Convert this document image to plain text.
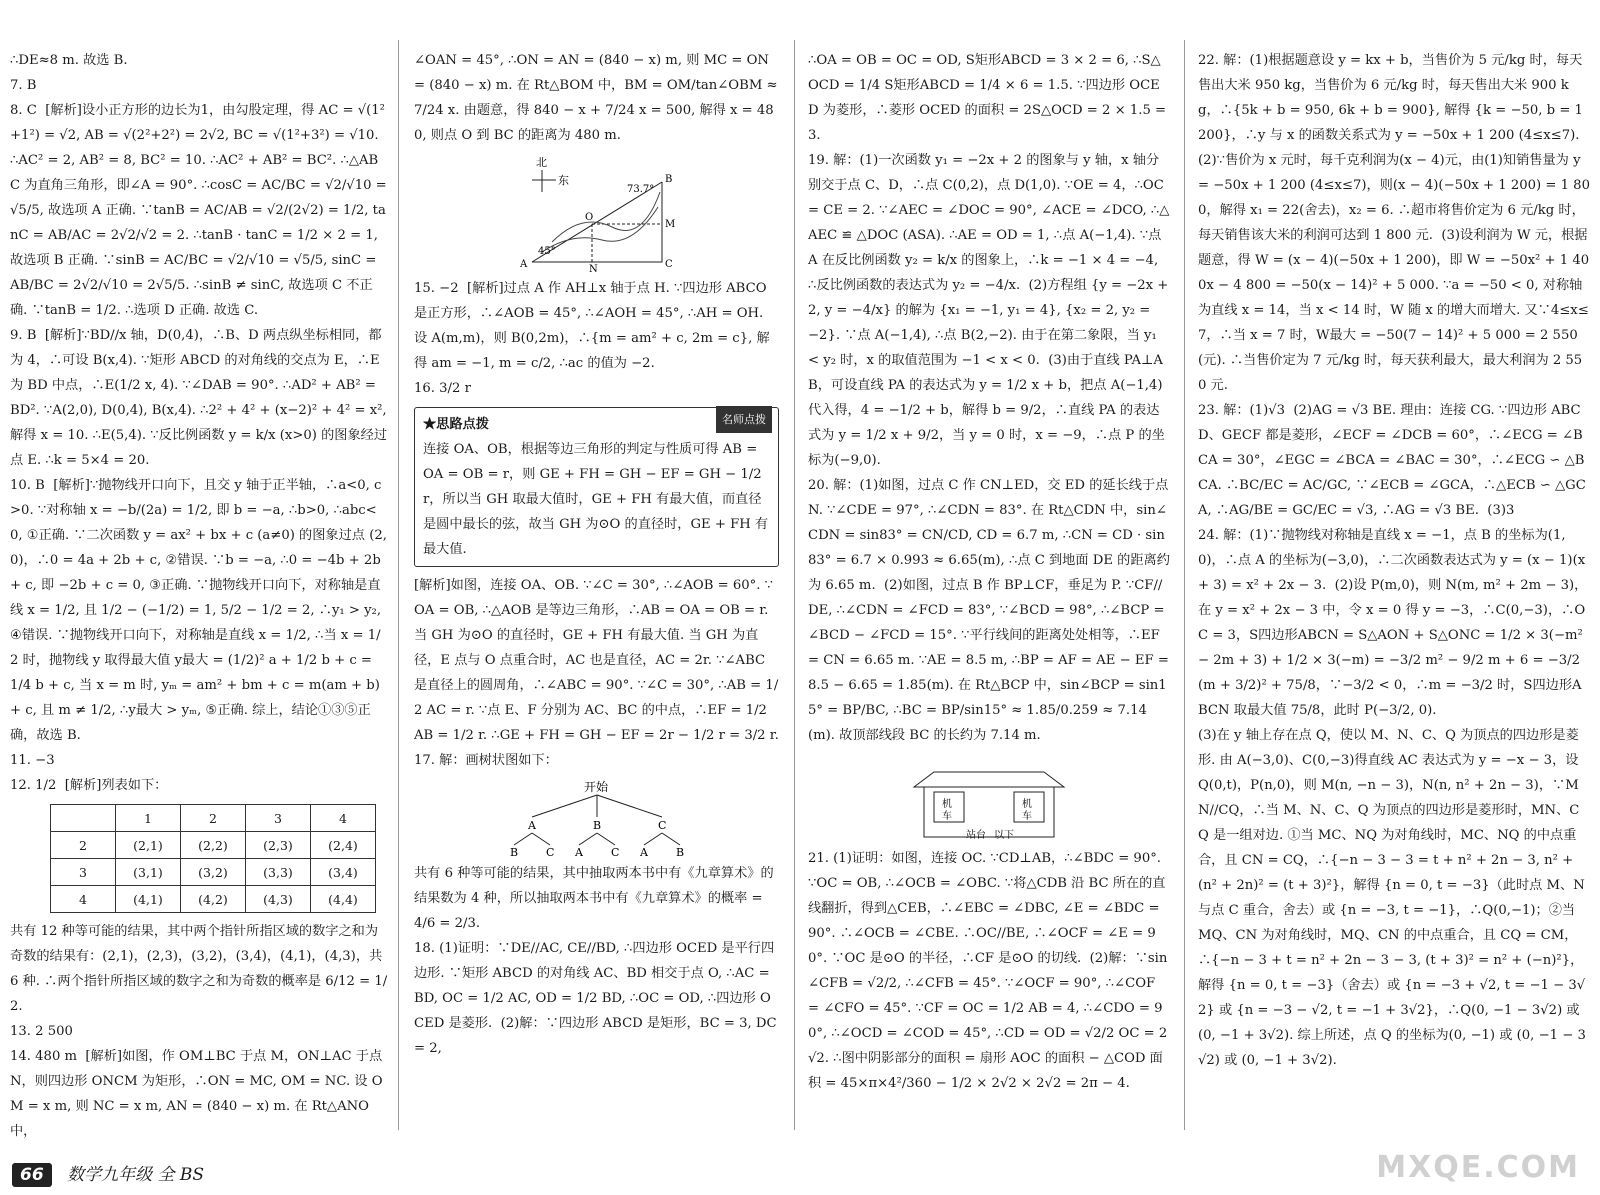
∴DE≈8 m. 故选 B.

7. B

8. C  [解析]设小正方形的边长为1，由勾股定理，得 AC = √(1²+1²) = √2, AB = √(2²+2²) = 2√2, BC = √(1²+3²) = √10. ∴AC² = 2, AB² = 8, BC² = 10. ∴AC² + AB² = BC². ∴△ABC 为直角三角形，即∠A = 90°. ∴cosC = AC/BC = √2/√10 = √5/5, 故选项 A 正确. ∵tanB = AC/AB = √2/(2√2) = 1/2, tanC = AB/AC = 2√2/√2 = 2. ∴tanB · tanC = 1/2 × 2 = 1, 故选项 B 正确. ∵sinB = AC/BC = √2/√10 = √5/5, sinC = AB/BC = 2√2/√10 = 2√5/5. ∴sinB ≠ sinC, 故选项 C 不正确. ∵tanB = 1/2. ∴选项 D 正确. 故选 C.

9. B  [解析]∵BD//x 轴，D(0,4)，∴B、D 两点纵坐标相同，都为 4，∴可设 B(x,4). ∵矩形 ABCD 的对角线的交点为 E，∴E 为 BD 中点，∴E(1/2 x, 4). ∵∠DAB = 90°. ∴AD² + AB² = BD². ∵A(2,0), D(0,4), B(x,4). ∴2² + 4² + (x−2)² + 4² = x², 解得 x = 10. ∴E(5,4). ∵反比例函数 y = k/x (x>0) 的图象经过点 E. ∴k = 5×4 = 20.

10. B  [解析]∵抛物线开口向下，且交 y 轴于正半轴，∴a<0, c>0. ∵对称轴 x = −b/(2a) = 1/2, 即 b = −a, ∴b>0, ∴abc<0, ①正确. ∵二次函数 y = ax² + bx + c (a≠0) 的图象过点 (2,0)，∴0 = 4a + 2b + c, ②错误. ∵b = −a, ∴0 = −4b + 2b + c, 即 −2b + c = 0, ③正确. ∵抛物线开口向下，对称轴是直线 x = 1/2, 且 1/2 − (−1/2) = 1, 5/2 − 1/2 = 2, ∴y₁ > y₂, ④错误. ∵抛物线开口向下，对称轴是直线 x = 1/2, ∴当 x = 1/2 时，抛物线 y 取得最大值 y最大 = (1/2)² a + 1/2 b + c = 1/4 b + c, 当 x = m 时, yₘ = am² + bm + c = m(am + b) + c, 且 m ≠ 1/2, ∴y最大 > yₘ, ⑤正确. 综上，结论①③⑤正确，故选 B.

11. −3

12. 1/2  [解析]列表如下：

	1	2	3	4
2	(2,1)	(2,2)	(2,3)	(2,4)
3	(3,1)	(3,2)	(3,3)	(3,4)
4	(4,1)	(4,2)	(4,3)	(4,4)

共有 12 种等可能的结果，其中两个指针所指区域的数字之和为奇数的结果有：(2,1)，(2,3)，(3,2)，(3,4)，(4,1)，(4,3)，共 6 种. ∴两个指针所指区域的数字之和为奇数的概率是 6/12 = 1/2.

13. 2 500

14. 480 m  [解析]如图，作 OM⊥BC 于点 M，ON⊥AC 于点 N，则四边形 ONCM 为矩形，∴ON = MC, OM = NC. 设 OM = x m, 则 NC = x m, AN = (840 − x) m. 在 Rt△ANO 中，

∠OAN = 45°, ∴ON = AN = (840 − x) m, 则 MC = ON = (840 − x) m. 在 Rt△BOM 中，BM = OM/tan∠OBM ≈ 7/24 x. 由题意，得 840 − x + 7/24 x = 500, 解得 x = 480, 则点 O 到 BC 的距离为 480 m.

北
东
A	N	C
B
M
O
73.7°
45°

15. −2  [解析]过点 A 作 AH⊥x 轴于点 H. ∵四边形 ABCO 是正方形，∴∠AOB = 45°, ∴∠AOH = 45°, ∴AH = OH. 设 A(m,m)，则 B(0,2m)，∴{m = am² + c, 2m = c}, 解得 am = −1, m = c/2, ∴ac 的值为 −2.

16. 3/2 r

名师点拨

★思路点拨

连接 OA、OB，根据等边三角形的判定与性质可得 AB = OA = OB = r，则 GE + FH = GH − EF = GH − 1/2 r，所以当 GH 取最大值时，GE + FH 有最大值，而直径是圆中最长的弦，故当 GH 为⊙O 的直径时，GE + FH 有最大值.

[解析]如图，连接 OA、OB. ∵∠C = 30°, ∴∠AOB = 60°. ∵OA = OB, ∴△AOB 是等边三角形，∴AB = OA = OB = r. 当 GH 为⊙O 的直径时，GE + FH 有最大值. 当 GH 为直径，E 点与 O 点重合时，AC 也是直径，AC = 2r. ∵∠ABC 是直径上的圆周角，∴∠ABC = 90°. ∵∠C = 30°, ∴AB = 1/2 AC = r. ∵点 E、F 分别为 AC、BC 的中点，∴EF = 1/2 AB = 1/2 r. ∴GE + FH = GH − EF = 2r − 1/2 r = 3/2 r.

17. 解：画树状图如下：

开始
A	B	C
B	C A	C A	B

共有 6 种等可能的结果，其中抽取两本书中有《九章算术》的结果数为 4 种，所以抽取两本书中有《九章算术》的概率 = 4/6 = 2/3.

18. (1)证明：∵DE//AC, CE//BD, ∴四边形 OCED 是平行四边形. ∵矩形 ABCD 的对角线 AC、BD 相交于点 O, ∴AC = BD, OC = 1/2 AC, OD = 1/2 BD, ∴OC = OD, ∴四边形 OCED 是菱形.  (2)解：∵四边形 ABCD 是矩形，BC = 3, DC = 2,

∴OA = OB = OC = OD, S矩形ABCD = 3 × 2 = 6, ∴S△OCD = 1/4 S矩形ABCD = 1/4 × 6 = 1.5. ∵四边形 OCED 为菱形，∴菱形 OCED 的面积 = 2S△OCD = 2 × 1.5 = 3.

19. 解：(1)一次函数 y₁ = −2x + 2 的图象与 y 轴，x 轴分别交于点 C、D，∴点 C(0,2)，点 D(1,0). ∵OE = 4，∴OC = CE = 2. ∵∠AEC = ∠DOC = 90°, ∠ACE = ∠DCO, ∴△AEC ≌ △DOC (ASA). ∴AE = OD = 1, ∴点 A(−1,4). ∵点 A 在反比例函数 y₂ = k/x 的图象上，∴k = −1 × 4 = −4, ∴反比例函数的表达式为 y₂ = −4/x.  (2)方程组 {y = −2x + 2, y = −4/x} 的解为 {x₁ = −1, y₁ = 4}, {x₂ = 2, y₂ = −2}. ∵点 A(−1,4), ∴点 B(2,−2). 由于在第二象限，当 y₁ < y₂ 时，x 的取值范围为 −1 < x < 0.  (3)由于直线 PA⊥AB，可设直线 PA 的表达式为 y = 1/2 x + b，把点 A(−1,4)代入得，4 = −1/2 + b，解得 b = 9/2，∴直线 PA 的表达式为 y = 1/2 x + 9/2，当 y = 0 时，x = −9，∴点 P 的坐标为(−9,0).

20. 解：(1)如图，过点 C 作 CN⊥ED，交 ED 的延长线于点 N. ∵∠CDE = 97°, ∴∠CDN = 83°. 在 Rt△CDN 中，sin∠CDN = sin83° = CN/CD, CD = 6.7 m, ∴CN = CD · sin83° = 6.7 × 0.993 ≈ 6.65(m), ∴点 C 到地面 DE 的距离约为 6.65 m.  (2)如图，过点 B 作 BP⊥CF，垂足为 P. ∵CF//DE, ∴∠CDN = ∠FCD = 83°, ∵∠BCD = 98°, ∴∠BCP = ∠BCD − ∠FCD = 15°. ∵平行线间的距离处处相等，∴EF = CN = 6.65 m. ∵AE = 8.5 m, ∴BP = AF = AE − EF = 8.5 − 6.65 = 1.85(m). 在 Rt△BCP 中，sin∠BCP = sin15° = BP/BC, ∴BC = BP/sin15° ≈ 1.85/0.259 ≈ 7.14(m). 故顶部线段 BC 的长约为 7.14 m.

机
车
机
车
站台 以下

21. (1)证明：如图，连接 OC. ∵CD⊥AB，∴∠BDC = 90°. ∵OC = OB, ∴∠OCB = ∠OBC. ∵将△CDB 沿 BC 所在的直线翻折，得到△CEB，∴∠EBC = ∠DBC, ∠E = ∠BDC = 90°. ∴∠OCB = ∠CBE. ∴OC//BE, ∴∠OCF = ∠E = 90°. ∵OC 是⊙O 的半径，∴CF 是⊙O 的切线.  (2)解：∵sin∠CFB = √2/2, ∴∠CFB = 45°. ∵∠OCF = 90°, ∴∠COF = ∠CFO = 45°. ∵CF = OC = 1/2 AB = 4, ∴∠CDO = 90°, ∴∠OCD = ∠COD = 45°, ∴CD = OD = √2/2 OC = 2√2. ∴图中阴影部分的面积 = 扇形 AOC 的面积 − △COD 面积 = 45×π×4²/360 − 1/2 × 2√2 × 2√2 = 2π − 4.

22. 解：(1)根据题意设 y = kx + b，当售价为 5 元/kg 时，每天售出大米 950 kg，当售价为 6 元/kg 时，每天售出大米 900 kg，∴{5k + b = 950, 6k + b = 900}, 解得 {k = −50, b = 1 200}，∴y 与 x 的函数关系式为 y = −50x + 1 200 (4≤x≤7).  (2)∵售价为 x 元时，每千克利润为(x − 4)元，由(1)知销售量为 y = −50x + 1 200 (4≤x≤7)，则(x − 4)(−50x + 1 200) = 1 800，解得 x₁ = 22(舍去)，x₂ = 6. ∴超市将售价定为 6 元/kg 时，每天销售该大米的利润可达到 1 800 元.  (3)设利润为 W 元，根据题意，得 W = (x − 4)(−50x + 1 200)，即 W = −50x² + 1 400x − 4 800 = −50(x − 14)² + 5 000. ∵a = −50 < 0, 对称轴为直线 x = 14，当 x < 14 时，W 随 x 的增大而增大. 又∵4≤x≤7，∴当 x = 7 时，W最大 = −50(7 − 14)² + 5 000 = 2 550(元). ∴当售价定为 7 元/kg 时，每天获利最大，最大利润为 2 550 元.

23. 解：(1)√3  (2)AG = √3 BE. 理由：连接 CG. ∵四边形 ABCD、GECF 都是菱形，∠ECF = ∠DCB = 60°，∴∠ECG = ∠BCA = 30°，∠EGC = ∠BCA = ∠BAC = 30°，∴∠ECG ∽ △BCA. ∴BC/EC = AC/GC, ∵∠ECB = ∠GCA，∴△ECB ∽ △GCA, ∴AG/BE = GC/EC = √3, ∴AG = √3 BE.  (3)3

24. 解：(1)∵抛物线对称轴是直线 x = −1，点 B 的坐标为(1,0)，∴点 A 的坐标为(−3,0)，∴二次函数表达式为 y = (x − 1)(x + 3) = x² + 2x − 3.  (2)设 P(m,0)，则 N(m, m² + 2m − 3)，在 y = x² + 2x − 3 中，令 x = 0 得 y = −3，∴C(0,−3)，∴OC = 3，S四边形ABCN = S△AON + S△ONC = 1/2 × 3(−m² − 2m + 3) + 1/2 × 3(−m) = −3/2 m² − 9/2 m + 6 = −3/2 (m + 3/2)² + 75/8，∵−3/2 < 0，∴m = −3/2 时，S四边形ABCN 取最大值 75/8，此时 P(−3/2, 0).

(3)在 y 轴上存在点 Q，使以 M、N、C、Q 为顶点的四边形是菱形. 由 A(−3,0)、C(0,−3)得直线 AC 表达式为 y = −x − 3，设 Q(0,t)，P(n,0)，则 M(n, −n − 3)，N(n, n² + 2n − 3)，∵MN//CQ，∴当 M、N、C、Q 为顶点的四边形是菱形时，MN、CQ 是一组对边. ①当 MC、NQ 为对角线时，MC、NQ 的中点重合，且 CN = CQ，∴{−n − 3 − 3 = t + n² + 2n − 3, n² + (n² + 2n)² = (t + 3)²}，解得 {n = 0, t = −3}（此时点 M、N 与点 C 重合，舍去）或 {n = −3, t = −1}，∴Q(0,−1)；②当 MQ、CN 为对角线时，MQ、CN 的中点重合，且 CQ = CM，∴{−n − 3 + t = n² + 2n − 3 − 3, (t + 3)² = n² + (−n)²}，解得 {n = 0, t = −3}（舍去）或 {n = −3 + √2, t = −1 − 3√2} 或 {n = −3 − √2, t = −1 + 3√2}，∴Q(0, −1 − 3√2) 或 (0, −1 + 3√2). 综上所述，点 Q 的坐标为(0, −1) 或 (0, −1 − 3√2) 或 (0, −1 + 3√2).

66 数学九年级 全 BS	MXQE.COM
